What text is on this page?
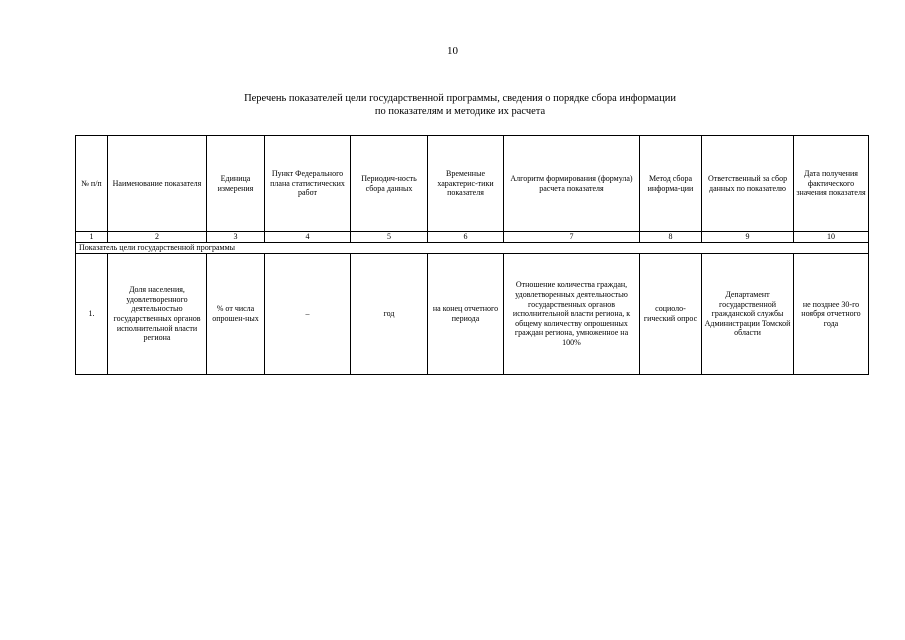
10
Перечень показателей цели государственной программы, сведения о порядке сбора информации
по показателям и методике их расчета
№ п/п	Наименование показателя	Единица измерения	Пункт Федерального плана статистических работ	Периодич-ность сбора данных	Временные характерис-тики показателя	Алгоритм формирования (формула) расчета показателя	Метод сбора информа-ции	Ответственный за сбор данных по показателю	Дата получения фактического значения показателя
1	2	3	4	5	6	7	8	9	10
Показатель цели государственной программы									
1.	Доля населения, удовлетворенного деятельностью государственных органов исполнительной власти региона	% от числа опрошен-ных	–	год	на конец отчетного периода	Отношение количества граждан, удовлетворенных деятельностью государственных органов исполнительной власти региона, к общему количеству опрошенных граждан региона, умноженное на 100%	социоло-гический опрос	Департамент государственной гражданской службы Администрации Томской области	не позднее 30-го ноября отчетного года
